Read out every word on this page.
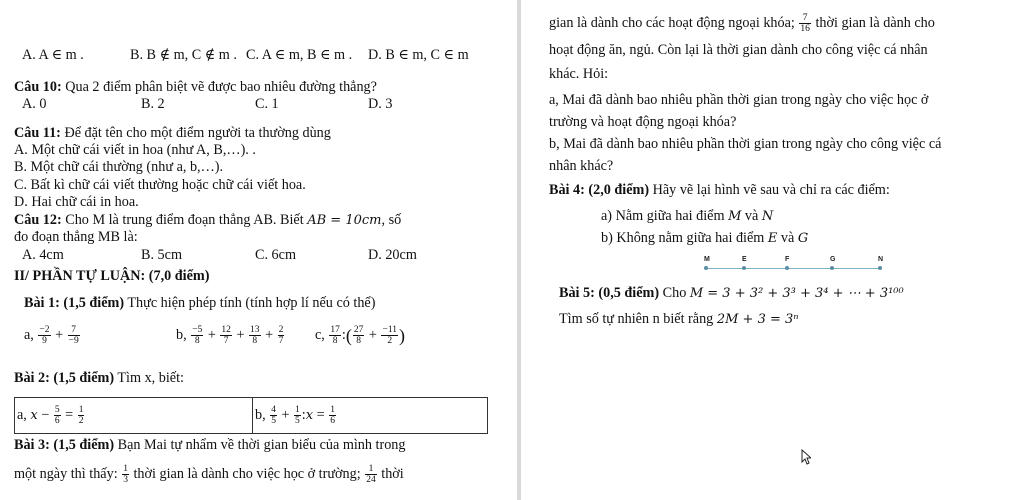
A. A ∈ m .	B. B ∉ m, C ∉ m . C. A ∈ m, B ∈ m . D. B ∈ m, C ∈ m
Câu 10: Qua 2 điểm phân biệt vẽ được bao nhiêu đường thẳng?
A. 0	B. 2	C. 1	D. 3
Câu 11: Để đặt tên cho một điểm người ta thường dùng
A. Một chữ cái viết in hoa (như A, B,…). .
B. Một chữ cái thường (như a, b,…).
C. Bất kì chữ cái viết thường hoặc chữ cái viết hoa.
D. Hai chữ cái in hoa.
Câu 12: Cho M là trung điểm đoạn thẳng AB. Biết AB = 10cm, số
đo đoạn thẳng MB là:
A. 4cm	B. 5cm	C. 6cm	D. 20cm
II/ PHẦN TỰ LUẬN: (7,0 điểm)
Bài 1: (1,5 điểm) Thực hiện phép tính (tính hợp lí nếu có thể)
a, $\frac{-2}{9} + \frac{7}{-9}$	b, $\frac{-5}{8} + \frac{12}{7} + \frac{13}{8} + \frac{2}{7} c$, $\frac{17}{8}$ :( $\frac{27}{8} + \frac{-11}{2}$ )
Bài 2: (1,5 điểm) Tìm x, biết:
a, $x - \frac{5}{6} = \frac{1}{2}$	b, $\frac{4}{5} + \frac{1}{5}$ :x = $\frac{1}{6}$
Bài 3: (1,5 điểm) Bạn Mai tự nhẩm về thời gian biểu của mình trong
một ngày thì thấy: $\frac{1}{3}$ thời gian là dành cho việc học ở trường; $\frac{1}{24}$ thời
gian là dành cho các hoạt động ngoại khóa; $\frac{7}{16}$ thời gian là dành cho
hoạt động ăn, ngủ. Còn lại là thời gian dành cho công việc cá nhân
khác. Hỏi:
a, Mai đã dành bao nhiêu phần thời gian trong ngày cho việc học ở
trường và hoạt động ngoại khóa?
b, Mai đã dành bao nhiêu phần thời gian trong ngày cho công việc cá
nhân khác?
Bài 4: (2,0 điểm) Hãy vẽ lại hình vẽ sau và chỉ ra các điểm:
a) Nằm giữa hai điểm M và N
b) Không nằm giữa hai điểm E và G
Bài 5: (0,5 điểm) Cho M = 3 + 3² + 3³ + 3⁴ + ⋯ + 3¹⁰⁰
Tìm số tự nhiên n biết rằng 2M + 3 = 3ⁿ
M	E	F	G	N
